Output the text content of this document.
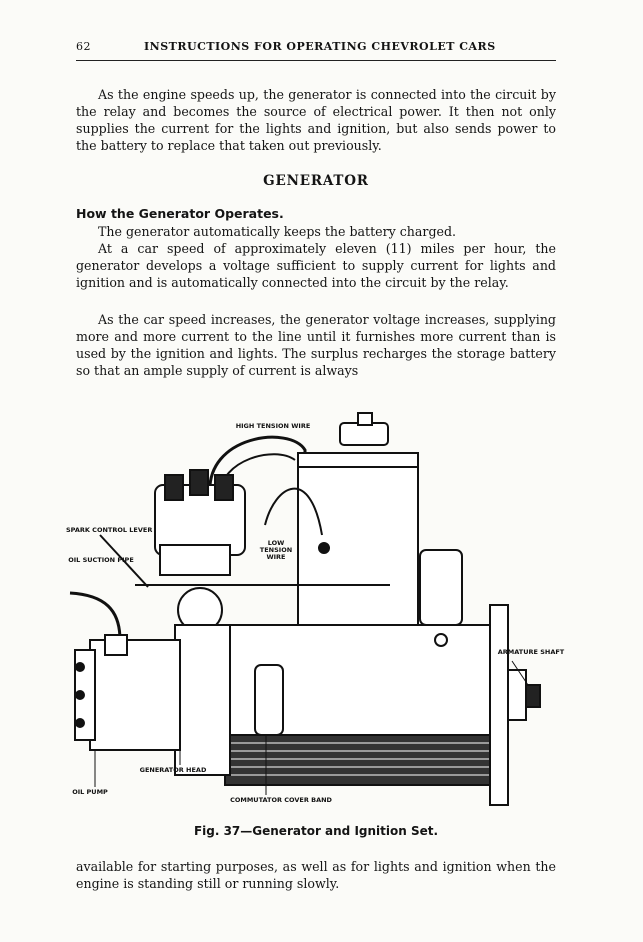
62	INSTRUCTIONS FOR OPERATING CHEVROLET CARS
As the engine speeds up, the generator is connected into the circuit by the relay and becomes the source of electrical power. It then not only supplies the current for the lights and ignition, but also sends power to the battery to replace that taken out previously.
GENERATOR
How the Generator Operates.
The generator automatically keeps the battery charged.
At a car speed of approximately eleven (11) miles per hour, the generator develops a voltage sufficient to supply current for lights and ignition and is automatically connected into the circuit by the relay.
As the car speed increases, the generator voltage increases, supplying more and more current to the line until it furnishes more current than is used by the ignition and lights. The surplus recharges the storage battery so that an ample supply of current is always
HIGH TENSION WIRE
SPARK CONTROL LEVER
OIL SUCTION PIPE
LOW TENSION WIRE
ARMATURE SHAFT
GENERATOR HEAD
OIL PUMP
COMMUTATOR COVER BAND
Fig. 37—Generator and Ignition Set.
available for starting purposes, as well as for lights and ignition when the engine is standing still or running slowly.
